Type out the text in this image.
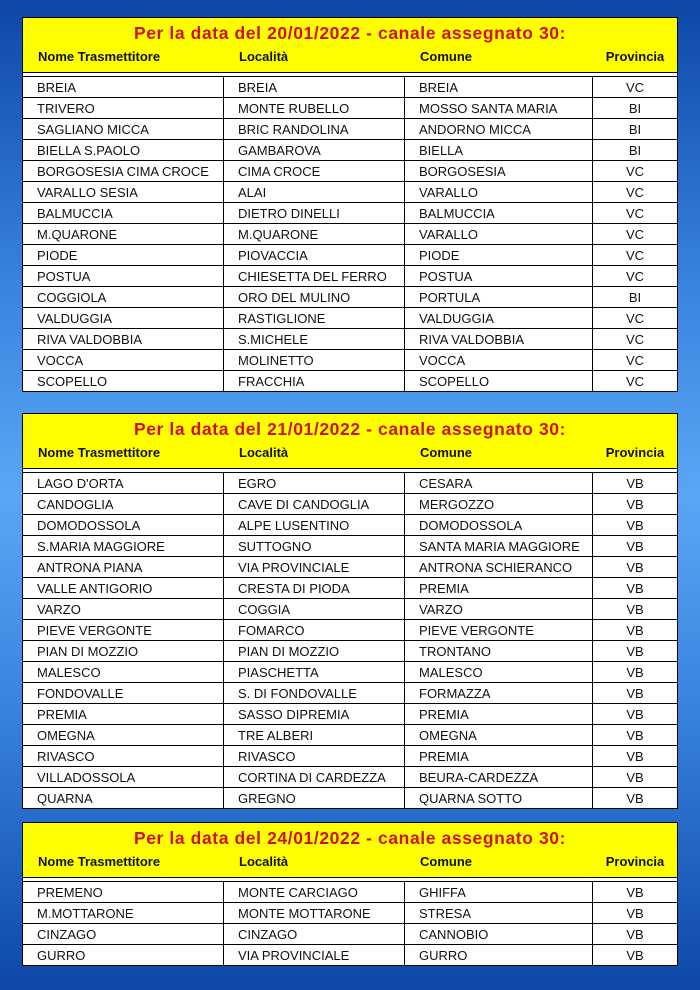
Per la data del 20/01/2022 - canale assegnato 30:
Nome Trasmettitore	Località	Comune	Provincia
BREIA	BREIA	BREIA	VC
TRIVERO	MONTE RUBELLO	MOSSO SANTA MARIA	BI
SAGLIANO MICCA	BRIC RANDOLINA	ANDORNO MICCA	BI
BIELLA S.PAOLO	GAMBAROVA	BIELLA	BI
BORGOSESIA CIMA CROCE	CIMA CROCE	BORGOSESIA	VC
VARALLO SESIA	ALAI	VARALLO	VC
BALMUCCIA	DIETRO DINELLI	BALMUCCIA	VC
M.QUARONE	M.QUARONE	VARALLO	VC
PIODE	PIOVACCIA	PIODE	VC
POSTUA	CHIESETTA DEL FERRO	POSTUA	VC
COGGIOLA	ORO DEL MULINO	PORTULA	BI
VALDUGGIA	RASTIGLIONE	VALDUGGIA	VC
RIVA VALDOBBIA	S.MICHELE	RIVA VALDOBBIA	VC
VOCCA	MOLINETTO	VOCCA	VC
SCOPELLO	FRACCHIA	SCOPELLO	VC
Per la data del 21/01/2022 - canale assegnato 30:
Nome Trasmettitore	Località	Comune	Provincia
LAGO D'ORTA	EGRO	CESARA	VB
CANDOGLIA	CAVE DI CANDOGLIA	MERGOZZO	VB
DOMODOSSOLA	ALPE LUSENTINO	DOMODOSSOLA	VB
S.MARIA MAGGIORE	SUTTOGNO	SANTA MARIA MAGGIORE	VB
ANTRONA PIANA	VIA PROVINCIALE	ANTRONA SCHIERANCO	VB
VALLE ANTIGORIO	CRESTA DI PIODA	PREMIA	VB
VARZO	COGGIA	VARZO	VB
PIEVE VERGONTE	FOMARCO	PIEVE VERGONTE	VB
PIAN DI MOZZIO	PIAN DI MOZZIO	TRONTANO	VB
MALESCO	PIASCHETTA	MALESCO	VB
FONDOVALLE	S. DI FONDOVALLE	FORMAZZA	VB
PREMIA	SASSO DIPREMIA	PREMIA	VB
OMEGNA	TRE ALBERI	OMEGNA	VB
RIVASCO	RIVASCO	PREMIA	VB
VILLADOSSOLA	CORTINA DI CARDEZZA	BEURA-CARDEZZA	VB
QUARNA	GREGNO	QUARNA SOTTO	VB
Per la data del 24/01/2022 - canale assegnato 30:
Nome Trasmettitore	Località	Comune	Provincia
PREMENO	MONTE CARCIAGO	GHIFFA	VB
M.MOTTARONE	MONTE MOTTARONE	STRESA	VB
CINZAGO	CINZAGO	CANNOBIO	VB
GURRO	VIA PROVINCIALE	GURRO	VB
